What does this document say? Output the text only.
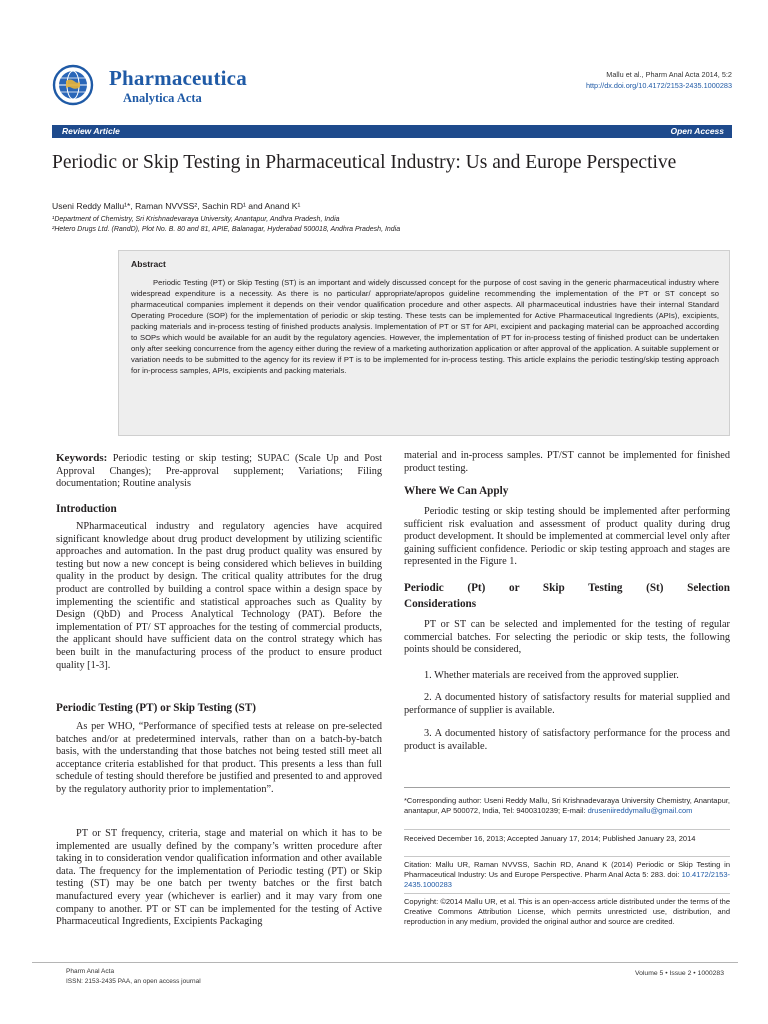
Pharmaceutica
Analytica Acta
Mallu et al., Pharm Anal Acta 2014, 5:2
http://dx.doi.org/10.4172/2153-2435.1000283
Review Article	Open Access
Periodic or Skip Testing in Pharmaceutical Industry: Us and Europe Perspective
Useni Reddy Mallu¹*, Raman NVVSS², Sachin RD¹ and Anand K¹
¹Department of Chemistry, Sri Krishnadevaraya University, Anantapur, Andhra Pradesh, India
²Hetero Drugs Ltd. (RandD), Plot No. B. 80 and 81, APIE, Balanagar, Hyderabad 500018, Andhra Pradesh, India
Abstract
Periodic Testing (PT) or Skip Testing (ST) is an important and widely discussed concept for the purpose of cost saving in the generic pharmaceutical industry where widespread expenditure is a necessity. As there is no particular/ appropriate/apropos guideline recommending the implementation of the PT or ST concept so pharmaceutical companies implement it depends on their vendor qualification procedure and other aspects. All pharmaceutical industries have their internal Standard Operating Procedure (SOP) for the implementation of periodic or skip testing. These tests can be implemented for Active Pharmaceutical Ingredients (APIs), excipients, packing materials and in-process testing of finished products analysis. Implementation of PT or ST for API, excipient and packaging material can be approached according to SOPs which would be available for an audit by the regulatory agencies. However, the implementation of PT for in-process testing of finished product can be undertaken only after seeking concurrence from the agency either during the review of a marketing authorization application or after approval of the application. A suitable supplement or variation needs to be submitted to the agency for its review if PT is to be implemented for in-process testing. This article explains the periodic testing/skip testing approach for in-process samples, APIs, excipients and packing materials.
Keywords: Periodic testing or skip testing; SUPAC (Scale Up and Post Approval Changes); Pre-approval supplement; Variations; Filing documentation; Routine analysis
Introduction
NPharmaceutical industry and regulatory agencies have acquired significant knowledge about drug product development by utilizing scientific approaches and automation. In the past drug product quality was ensured by testing but now a new concept is being considered which believes in building quality in the product by design. The critical quality attributes for the drug product are controlled by building a control space within a design space by implementing the scientific and statistical approaches such as Quality by Design (QbD) and Process Analytical Technology (PAT). Before the implementation of PT/ ST approaches for the testing of commercial products, the applicant should have sufficient data on the control strategy which has been built in the manufacturing process of the product to ensure product quality [1-3].
Periodic Testing (PT) or Skip Testing (ST)
As per WHO, “Performance of specified tests at release on pre-selected batches and/or at predetermined intervals, rather than on a batch-by-batch basis, with the understanding that those batches not being tested still meet all acceptance criteria established for that product. This presents a less than full schedule of testing should therefore be justified and presented to and approved by the regulatory authority prior to implementation”.
PT or ST frequency, criteria, stage and material on which it has to be implemented are usually defined by the company’s written procedure after taking in to consideration vendor qualification information and other available data. The frequency for the implementation of Periodic testing (PT) or Skip testing (ST) may be one batch per twenty batches or the first batch manufactured every year (whichever is earlier) and it may vary from one company to another. PT or ST can be implemented for the testing of Active Pharmaceutical Ingredients, Excipients Packaging
material and in-process samples. PT/ST cannot be implemented for finished product testing.
Where We Can Apply
Periodic testing or skip testing should be implemented after performing sufficient risk evaluation and assessment of product quality during drug product development. It should be implemented at commercial level only after gaining sufficient confidence. Periodic or skip testing approach and stages are represented in the Figure 1.
Periodic (Pt) or Skip Testing (St) Selection Considerations
PT or ST can be selected and implemented for the testing of regular commercial batches. For selecting the periodic or skip tests, the following points should be considered,
1. Whether materials are received from the approved supplier.
2. A documented history of satisfactory results for material supplied and performance of supplier is available.
3. A documented history of satisfactory performance for the process and product is available.
*Corresponding author: Useni Reddy Mallu, Sri Krishnadevaraya University Chemistry, Anantapur, anantapur, AP 500072, India, Tel: 9400310239; E-mail: druseniireddymallu@gmail.com
Received December 16, 2013; Accepted January 17, 2014; Published January 23, 2014
Citation: Mallu UR, Raman NVVSS, Sachin RD, Anand K (2014) Periodic or Skip Testing in Pharmaceutical Industry: Us and Europe Perspective. Pharm Anal Acta 5: 283. doi: 10.4172/2153-2435.1000283
Copyright: ©2014 Mallu UR, et al. This is an open-access article distributed under the terms of the Creative Commons Attribution License, which permits unrestricted use, distribution, and reproduction in any medium, provided the original author and source are credited.
Pharm Anal Acta
ISSN: 2153-2435 PAA, an open access journal
Volume 5 • Issue 2 • 1000283
